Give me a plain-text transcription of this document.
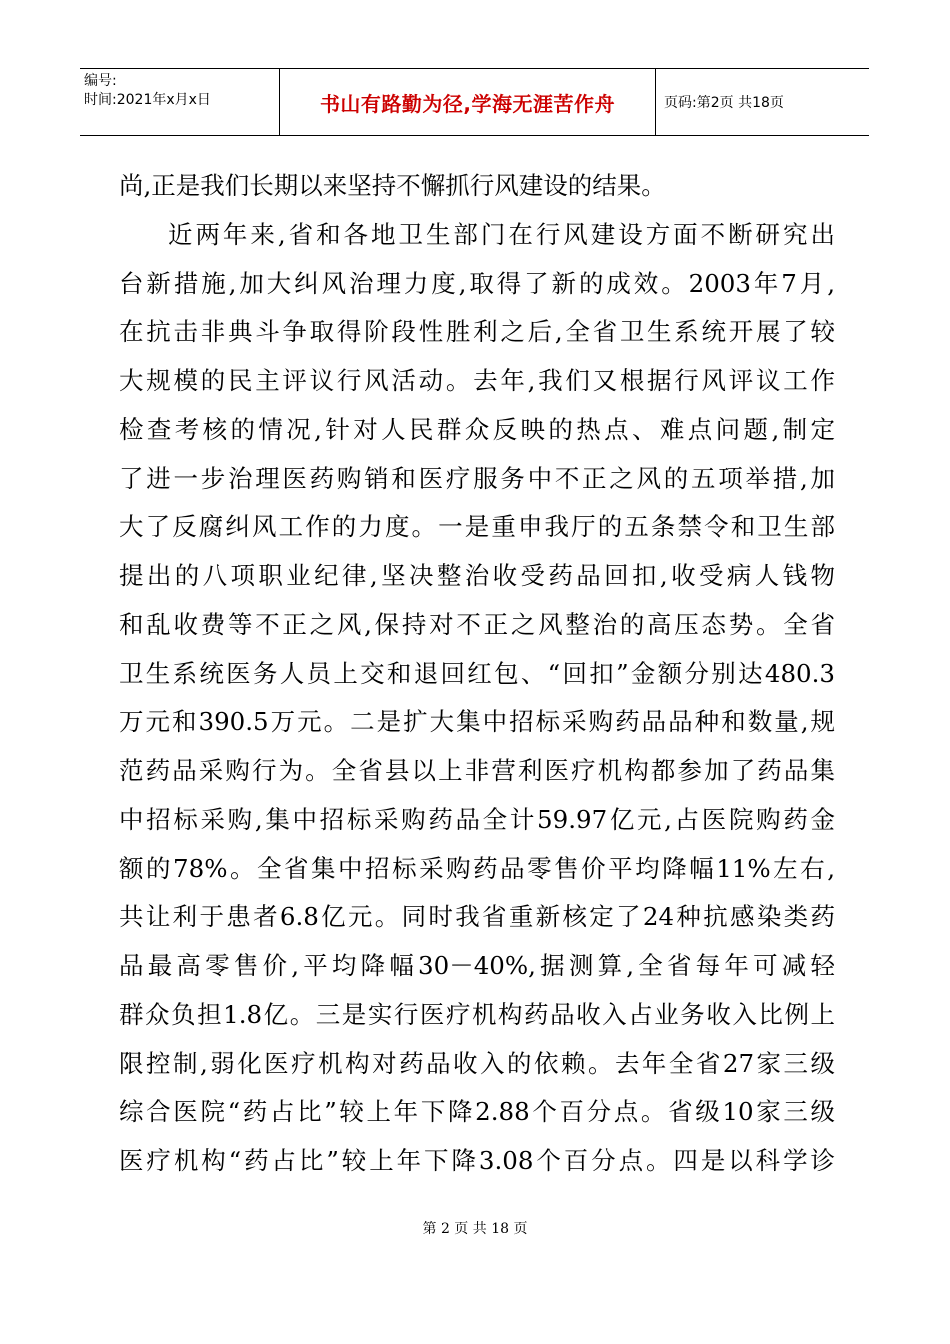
编号:
时间:2021年x月x日	书山有路勤为径,学海无涯苦作舟	页码:第2页 共18页
尚,正是我们长期以来坚持不懈抓行风建设的结果。
近两年来,省和各地卫生部门在行风建设方面不断研究出
台新措施,加大纠风治理力度,取得了新的成效。2003年7月,
在抗击非典斗争取得阶段性胜利之后,全省卫生系统开展了较
大规模的民主评议行风活动。去年,我们又根据行风评议工作
检查考核的情况,针对人民群众反映的热点、难点问题,制定
了进一步治理医药购销和医疗服务中不正之风的五项举措,加
大了反腐纠风工作的力度。一是重申我厅的五条禁令和卫生部
提出的八项职业纪律,坚决整治收受药品回扣,收受病人钱物
和乱收费等不正之风,保持对不正之风整治的高压态势。全省
卫生系统医务人员上交和退回红包、“回扣”金额分别达480.3
万元和390.5万元。二是扩大集中招标采购药品品种和数量,规
范药品采购行为。全省县以上非营利医疗机构都参加了药品集
中招标采购,集中招标采购药品全计59.97亿元,占医院购药金
额的78%。全省集中招标采购药品零售价平均降幅11%左右,
共让利于患者6.8亿元。同时我省重新核定了24种抗感染类药
品最高零售价,平均降幅30－40%,据测算,全省每年可减轻
群众负担1.8亿。三是实行医疗机构药品收入占业务收入比例上
限控制,弱化医疗机构对药品收入的依赖。去年全省27家三级
综合医院“药占比”较上年下降2.88个百分点。省级10家三级
医疗机构“药占比”较上年下降3.08个百分点。四是以科学诊
第 2 页 共 18 页
